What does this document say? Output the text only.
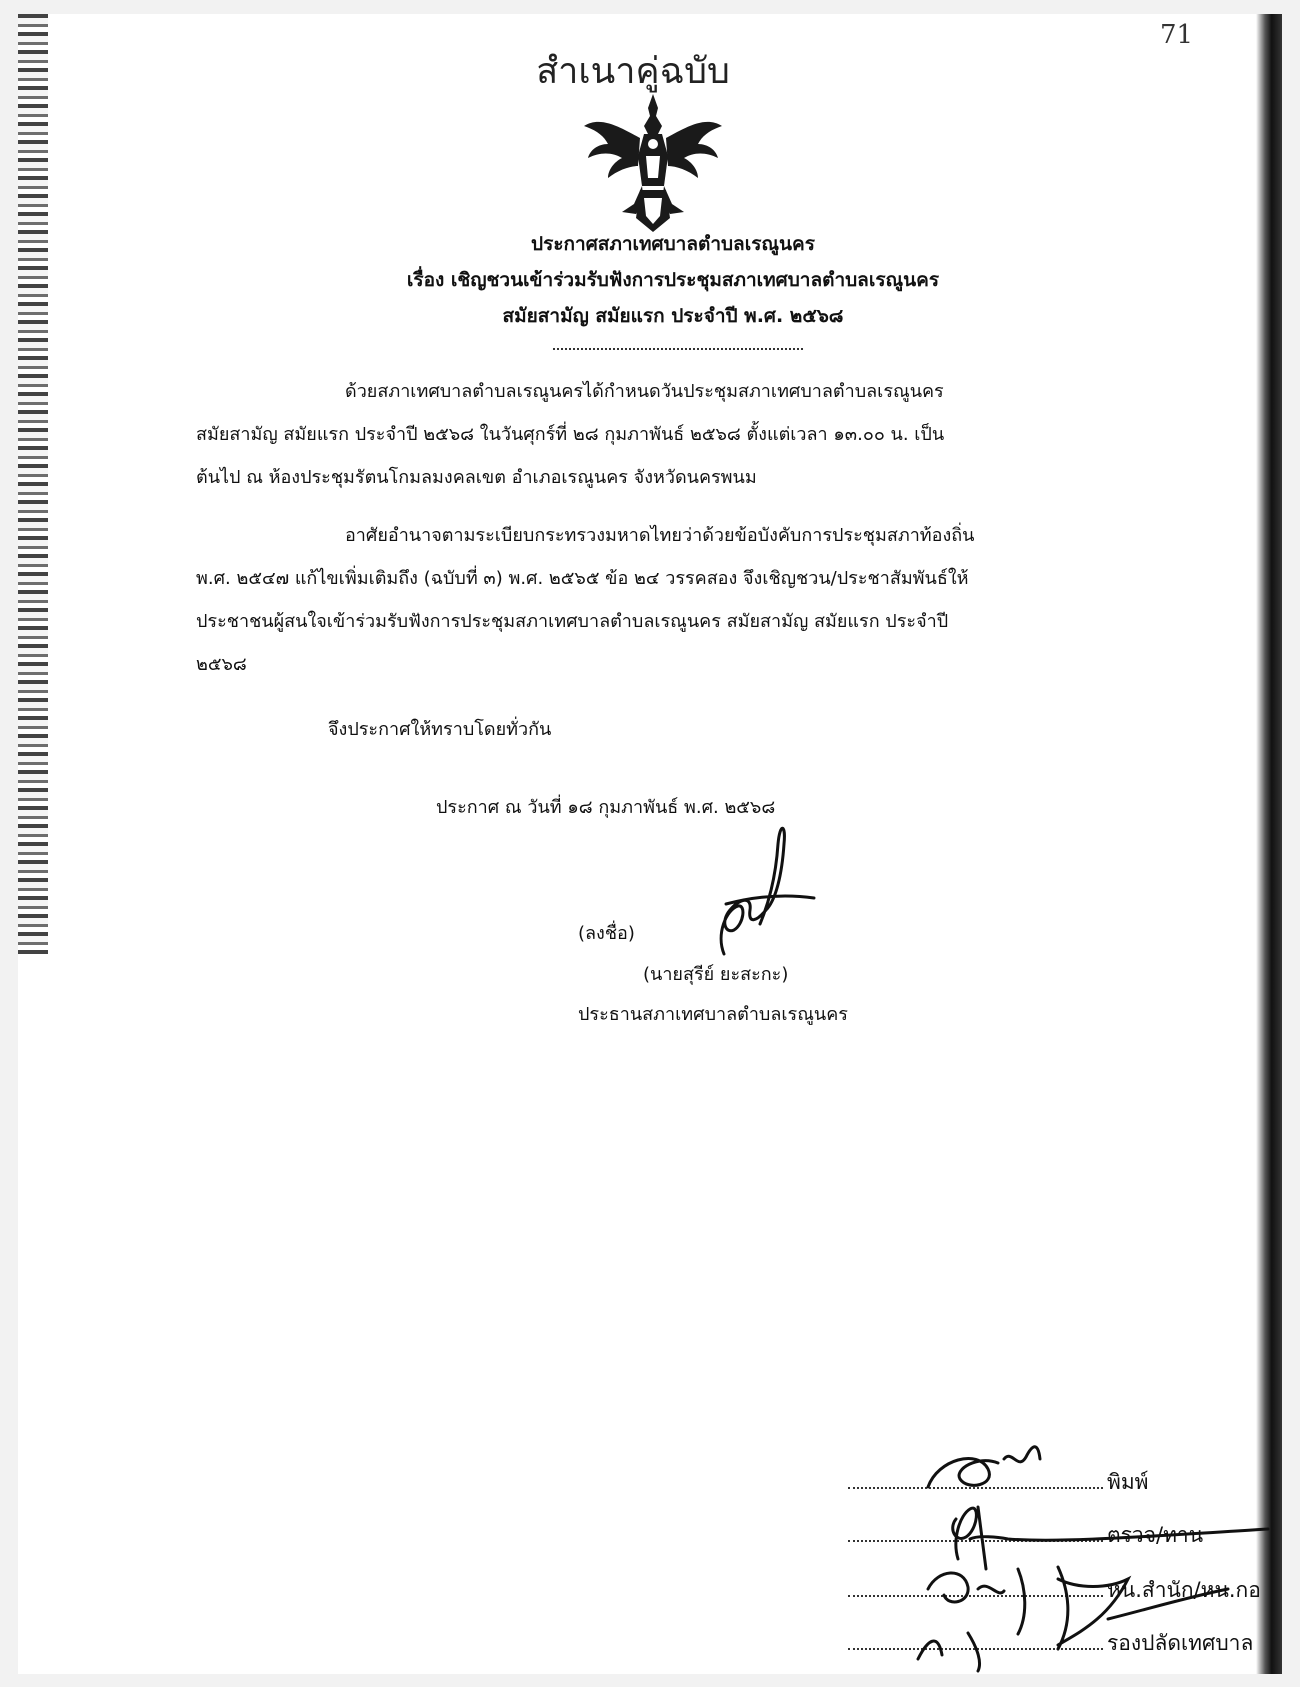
71
สำเนาคู่ฉบับ
ประกาศสภาเทศบาลตำบลเรณูนคร
เรื่อง เชิญชวนเข้าร่วมรับฟังการประชุมสภาเทศบาลตำบลเรณูนคร
สมัยสามัญ สมัยแรก ประจำปี พ.ศ. ๒๕๖๘
ด้วยสภาเทศบาลตำบลเรณูนครได้กำหนดวันประชุมสภาเทศบาลตำบลเรณูนคร
สมัยสามัญ สมัยแรก ประจำปี ๒๕๖๘ ในวันศุกร์ที่ ๒๘ กุมภาพันธ์ ๒๕๖๘ ตั้งแต่เวลา ๑๓.๐๐ น. เป็น
ต้นไป ณ ห้องประชุมรัตนโกมลมงคลเขต อำเภอเรณูนคร จังหวัดนครพนม
อาศัยอำนาจตามระเบียบกระทรวงมหาดไทยว่าด้วยข้อบังคับการประชุมสภาท้องถิ่น
พ.ศ. ๒๕๔๗ แก้ไขเพิ่มเติมถึง (ฉบับที่ ๓) พ.ศ. ๒๕๖๕ ข้อ ๒๔ วรรคสอง จึงเชิญชวน/ประชาสัมพันธ์ให้
ประชาชนผู้สนใจเข้าร่วมรับฟังการประชุมสภาเทศบาลตำบลเรณูนคร สมัยสามัญ สมัยแรก ประจำปี
๒๕๖๘
จึงประกาศให้ทราบโดยทั่วกัน
ประกาศ ณ วันที่ ๑๘ กุมภาพันธ์ พ.ศ. ๒๕๖๘
(ลงชื่อ)
(นายสุรีย์ ยะสะกะ)
ประธานสภาเทศบาลตำบลเรณูนคร
พิมพ์
ตรวจ/ทาน
หน.สำนัก/หน.กอ
รองปลัดเทศบาล
